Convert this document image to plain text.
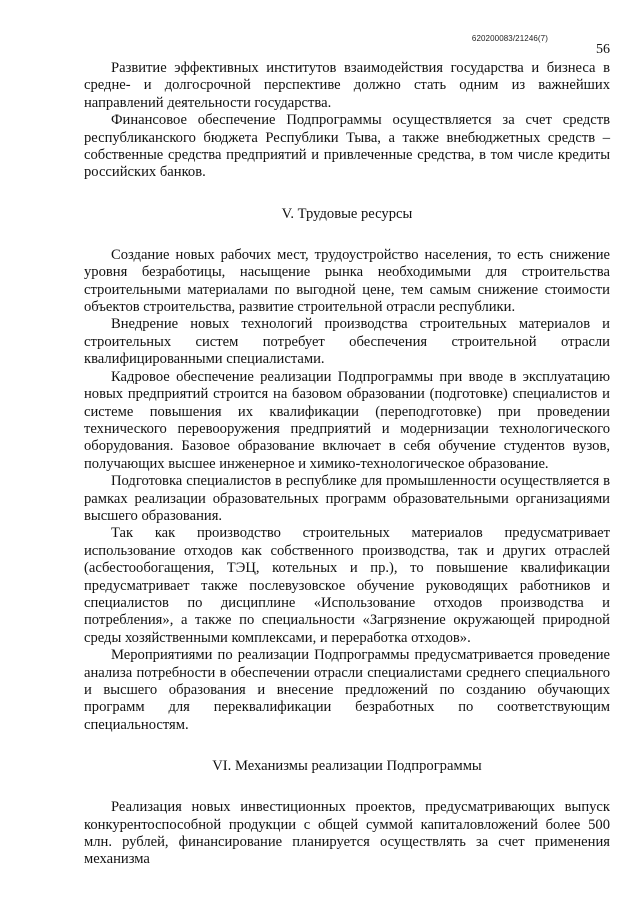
620200083/21246(7)
56

Развитие эффективных институтов взаимодействия государства и бизнеса в средне- и долгосрочной перспективе должно стать одним из важнейших направлений деятельности государства.

Финансовое обеспечение Подпрограммы осуществляется за счет средств республиканского бюджета Республики Тыва, а также внебюджетных средств – собственные средства предприятий и привлеченные средства, в том числе кредиты российских банков.

V. Трудовые ресурсы

Создание новых рабочих мест, трудоустройство населения, то есть снижение уровня безработицы, насыщение рынка необходимыми для строительства строительными материалами по выгодной цене, тем самым снижение стоимости объектов строительства, развитие строительной отрасли республики.

Внедрение новых технологий производства строительных материалов и строительных систем потребует обеспечения строительной отрасли квалифицированными специалистами.

Кадровое обеспечение реализации Подпрограммы при вводе в эксплуатацию новых предприятий строится на базовом образовании (подготовке) специалистов и системе повышения их квалификации (переподготовке) при проведении технического перевооружения предприятий и модернизации технологического оборудования. Базовое образование включает в себя обучение студентов вузов, получающих высшее инженерное и химико-технологическое образование.

Подготовка специалистов в республике для промышленности осуществляется в рамках реализации образовательных программ образовательными организациями высшего образования.

Так как производство строительных материалов предусматривает использование отходов как собственного производства, так и других отраслей (асбестообогащения, ТЭЦ, котельных и пр.), то повышение квалификации предусматривает также послевузовское обучение руководящих работников и специалистов по дисциплине «Использование отходов производства и потребления», а также по специальности «Загрязнение окружающей природной среды хозяйственными комплексами, и переработка отходов».

Мероприятиями по реализации Подпрограммы предусматривается проведение анализа потребности в обеспечении отрасли специалистами среднего специального и высшего образования и внесение предложений по созданию обучающих программ для переквалификации безработных по соответствующим специальностям.

VI. Механизмы реализации Подпрограммы

Реализация новых инвестиционных проектов, предусматривающих выпуск конкурентоспособной продукции с общей суммой капиталовложений более 500 млн. рублей, финансирование планируется осуществлять за счет применения механизма
